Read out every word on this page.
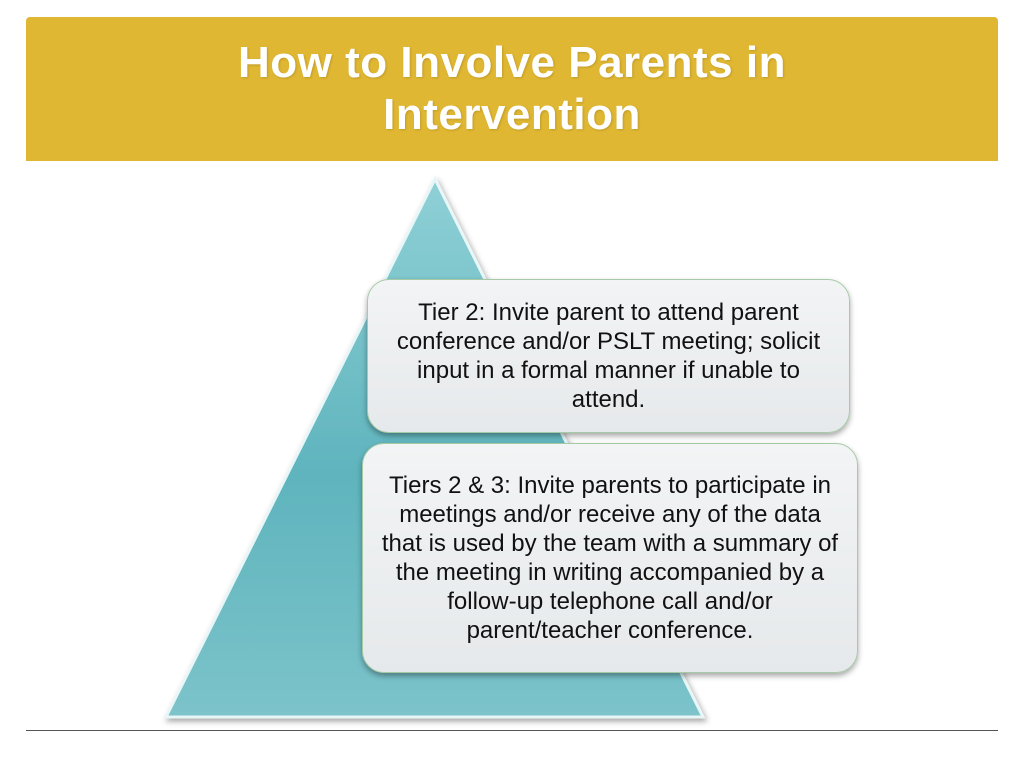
How to Involve Parents in
Intervention
Tier 2: Invite parent to attend parent conference and/or PSLT meeting; solicit input in a formal manner if unable to attend.
Tiers 2 & 3: Invite parents to participate in meetings and/or receive any of the data that is used by the team with a summary of the meeting in writing accompanied by a follow-up telephone call and/or parent/teacher conference.
